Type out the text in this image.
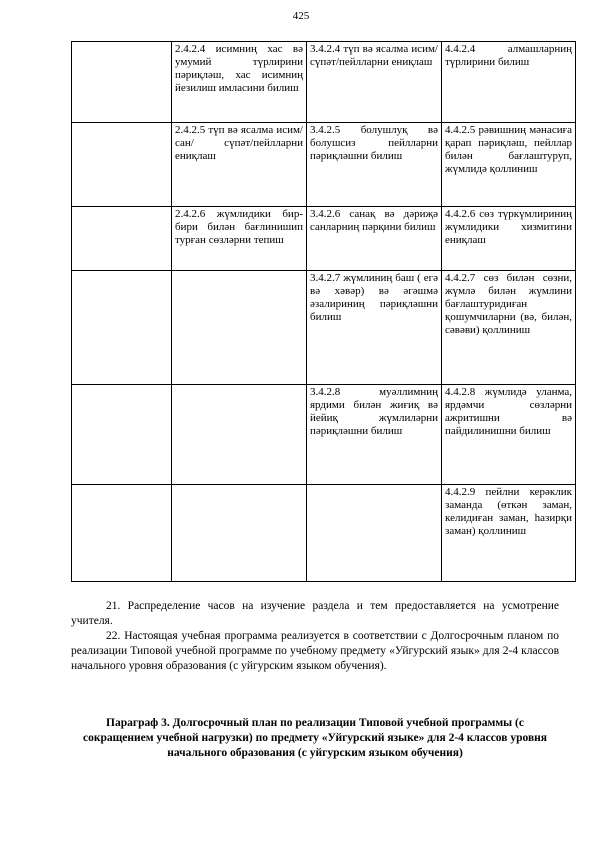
425
	2.4.2.4 исимниң хас вә умумий түрлирини пәриқләш, хас исимниң йезилиш имласини билиш	3.4.2.4 түп вә ясалма исим/сүпәт/пейлларни ениқлаш	4.4.2.4 алмашларниң түрлирини билиш
	2.4.2.5 түп вә ясалма исим/ сан/ сүпәт/пейлларни ениқлаш	3.4.2.5 болушлуқ вә болушсиз пейлларни пәриқләшни билиш	4.4.2.5 рәвишниң мәнасиға қарап пәриқләш, пейллар билән бағлаштуруп, жүмлидә қоллиниш
	2.4.2.6 жүмлидики бир-бири билән бағлинишип турған сөзләрни тепиш	3.4.2.6 санақ вә дәриҗә санларниң пәрқини билиш	4.4.2.6 сөз түркүмлириниң жүмлидики хизмитини ениқлаш
		3.4.2.7 жүмлиниң баш ( егә вә хәвәр) вә әгәшмә әзалириниң пәриқләшни билиш	4.4.2.7 сөз билән сөзни, жүмлә билән жүмлини бағлаштуридиған қошумчиларни (вә, билән, сәвәви) қоллиниш
		3.4.2.8 муәллимниң ярдими билән жиғиқ вә йейиқ жүмлиләрни пәриқләшни билиш	4.4.2.8 жүмлидә уланма, ярдәмчи сөзләрни ажритишни вә пайдилинишни билиш
			4.4.2.9 пейлни керәклик заманда (өткән заман, келидиған заман, һазирқи заман) қоллиниш

21. Распределение часов на изучение раздела и тем предоставляется на усмотрение учителя.

22. Настоящая учебная программа реализуется в соответствии с Долгосрочным планом по реализации Типовой учебной программе по учебному предмету «Уйгурский язык» для 2-4 классов начального уровня образования (с уйгурским языком обучения).

Параграф 3. Долгосрочный план по реализации Типовой учебной программы (с сокращением учебной нагрузки) по предмету «Уйгурский языке» для 2-4 классов уровня начального образования (с уйгурским языком обучения)
